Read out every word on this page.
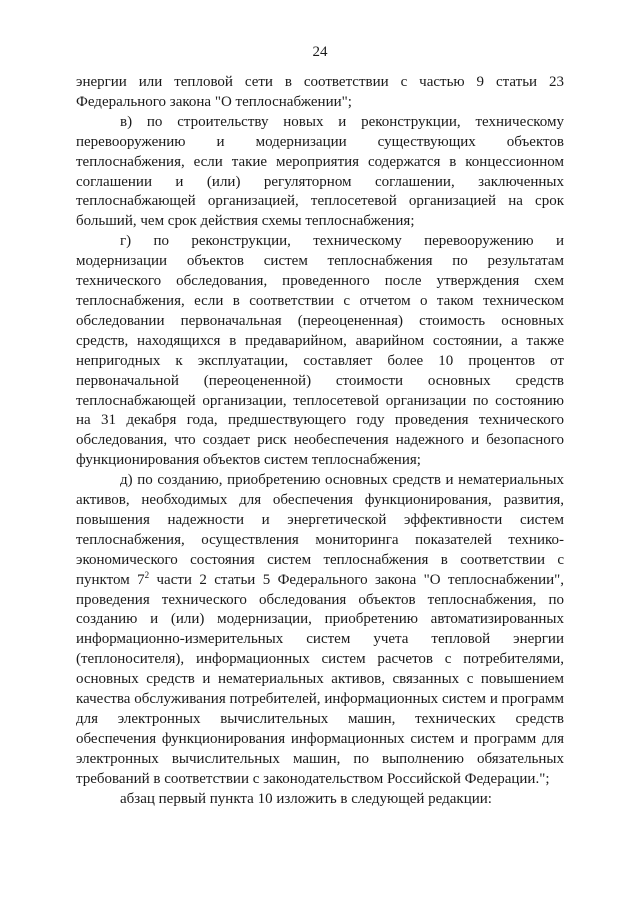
24

энергии или тепловой сети в соответствии с частью 9 статьи 23 Федерального закона "О теплоснабжении";

в) по строительству новых и реконструкции, техническому перевооружению и модернизации существующих объектов теплоснабжения, если такие мероприятия содержатся в концессионном соглашении и (или) регуляторном соглашении, заключенных теплоснабжающей организацией, теплосетевой организацией на срок больший, чем срок действия схемы теплоснабжения;

г) по реконструкции, техническому перевооружению и модернизации объектов систем теплоснабжения по результатам технического обследования, проведенного после утверждения схем теплоснабжения, если в соответствии с отчетом о таком техническом обследовании первоначальная (переоцененная) стоимость основных средств, находящихся в предаварийном, аварийном состоянии, а также непригодных к эксплуатации, составляет более 10 процентов от первоначальной (переоцененной) стоимости основных средств теплоснабжающей организации, теплосетевой организации по состоянию на 31 декабря года, предшествующего году проведения технического обследования, что создает риск необеспечения надежного и безопасного функционирования объектов систем теплоснабжения;

д) по созданию, приобретению основных средств и нематериальных активов, необходимых для обеспечения функционирования, развития, повышения надежности и энергетической эффективности систем теплоснабжения, осуществления мониторинга показателей технико-экономического состояния систем теплоснабжения в соответствии с пунктом $7^2$ части 2 статьи 5 Федерального закона "О теплоснабжении", проведения технического обследования объектов теплоснабжения, по созданию и (или) модернизации, приобретению автоматизированных информационно-измерительных систем учета тепловой энергии (теплоносителя), информационных систем расчетов с потребителями, основных средств и нематериальных активов, связанных с повышением качества обслуживания потребителей, информационных систем и программ для электронных вычислительных машин, технических средств обеспечения функционирования информационных систем и программ для электронных вычислительных машин, по выполнению обязательных требований в соответствии с законодательством Российской Федерации.";

абзац первый пункта 10 изложить в следующей редакции:
